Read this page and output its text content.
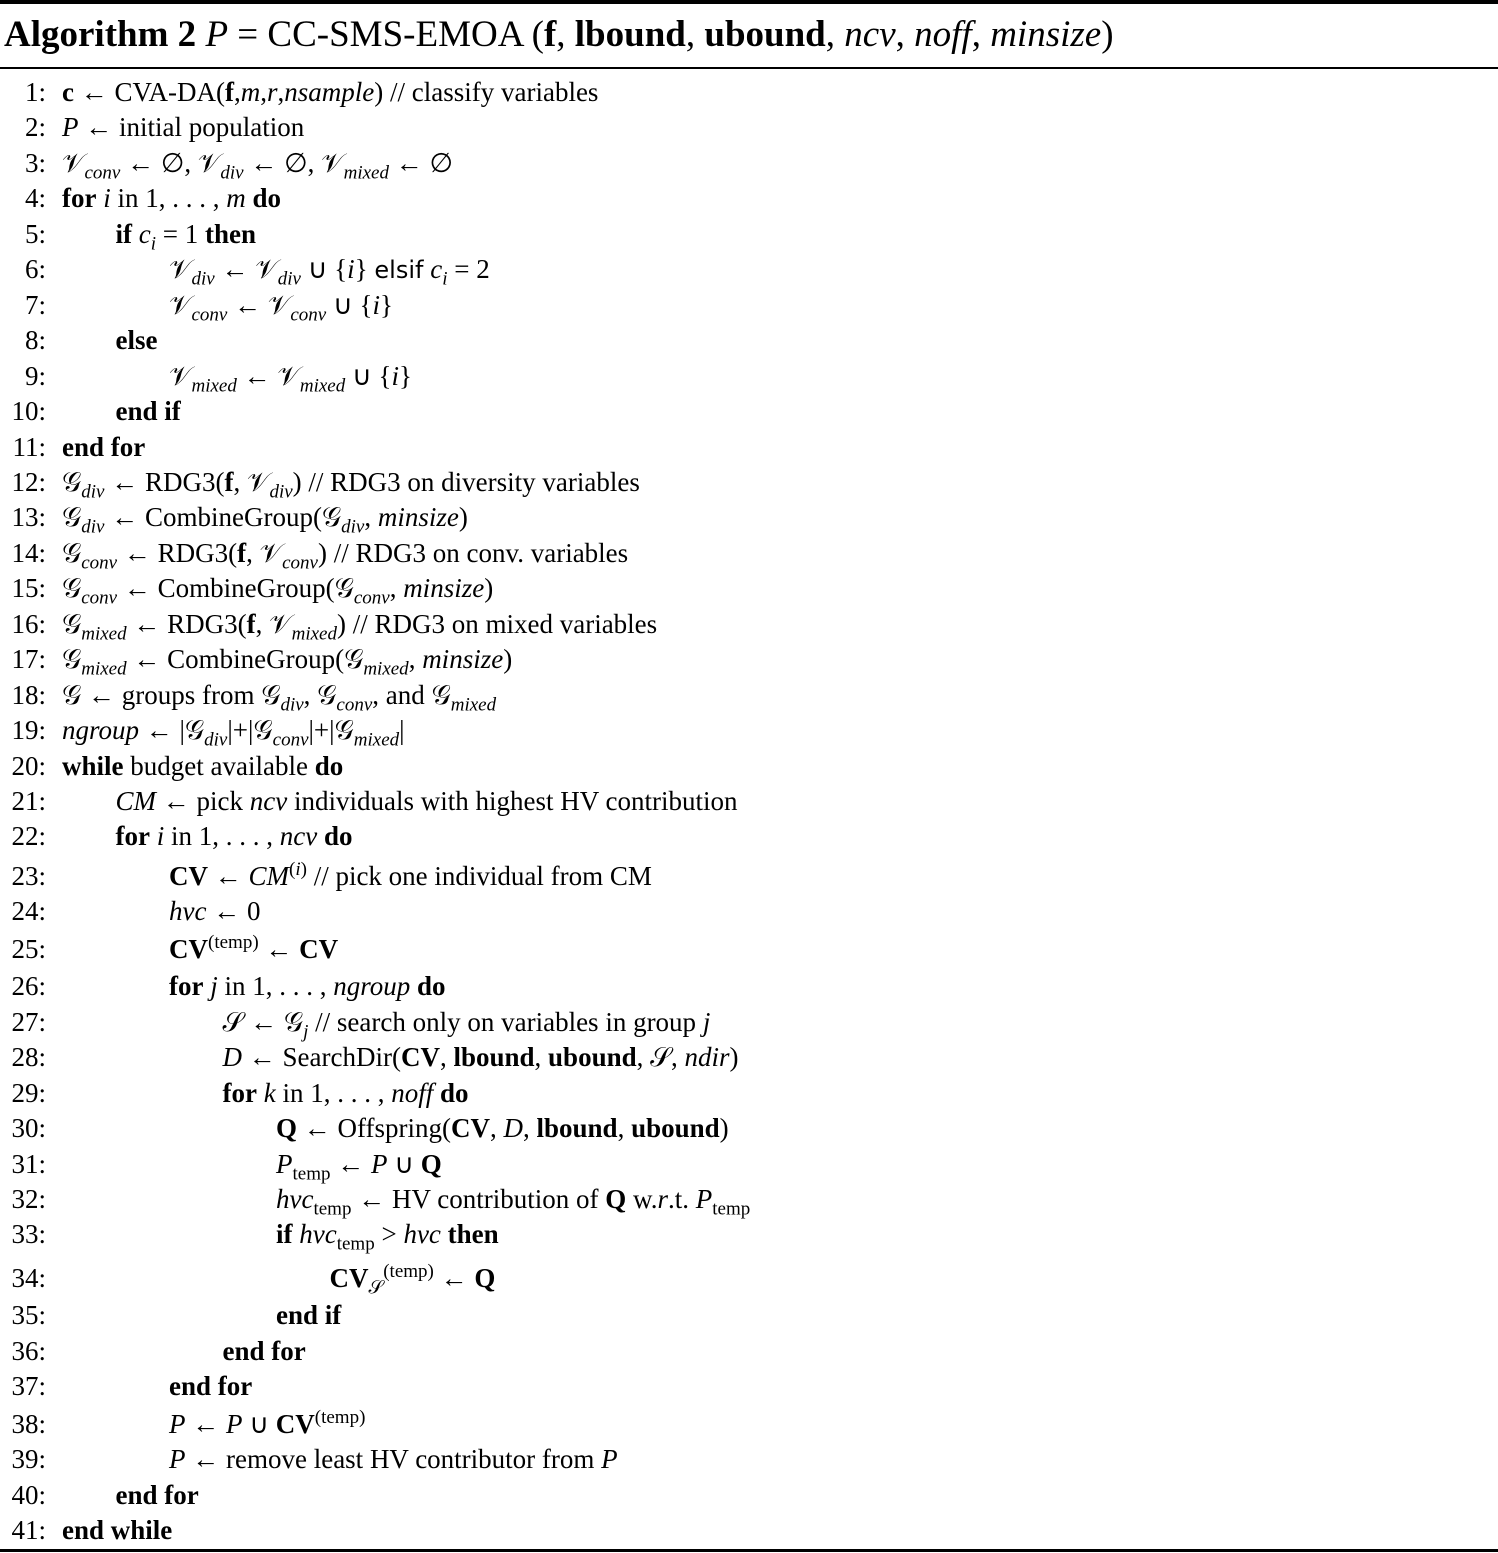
Algorithm 2 P = CC-SMS-EMOA (f, lbound, ubound, ncv, noff, minsize)
1: c ← CVA-DA(f,m,r,nsample) // classify variables
2: P ← initial population
3: 𝒱$_{conv}$ ← ∅, 𝒱$_{div}$ ← ∅, 𝒱$_{mixed}$ ← ∅
4: for i in 1, . . . , m do
5:	if $c_i = 1$ then
6:	𝒱$_{div}$ ← 𝒱$_{div}$ ∪ {i} elsif $c_i = 2$
7:	𝒱$_{conv}$ ← 𝒱$_{conv}$ ∪ {i}
8:	else
9:	𝒱$_{mixed}$ ← 𝒱$_{mixed}$ ∪ {i}
10:	end if
11: end for
12: 𝒢$_{div}$ ← RDG3(f, 𝒱$_{div}$) // RDG3 on diversity variables
13: 𝒢$_{div}$ ← CombineGroup(𝒢$_{div}$, minsize)
14: 𝒢$_{conv}$ ← RDG3(f, 𝒱$_{conv}$) // RDG3 on conv. variables
15: 𝒢$_{conv}$ ← CombineGroup(𝒢$_{conv}$, minsize)
16: 𝒢$_{mixed}$ ← RDG3(f, 𝒱$_{mixed}$) // RDG3 on mixed variables
17: 𝒢$_{mixed}$ ← CombineGroup(𝒢$_{mixed}$, minsize)
18: 𝒢 ← groups from 𝒢$_{div}$, 𝒢$_{conv}$, and 𝒢$_{mixed}$
19: ngroup ← |𝒢$_{div}$|+|𝒢$_{conv}$|+|𝒢$_{mixed}$|
20: while budget available do
21:	CM ← pick ncv individuals with highest HV contribution
22:	for i in 1, . . . , ncv do
23:	CV ← CM$^{(i)}$ // pick one individual from CM
24:	hvc ← 0
25:	$CV^{(temp)}$ ← CV
26:	for j in 1, . . . , ngroup do
27:	𝒮 ← 𝒢$_j$ // search only on variables in group j
28:	D ← SearchDir(CV, lbound, ubound, 𝒮, ndir)
29:	for k in 1, . . . , noff do
30:	Q ← Offspring(CV, D, lbound, ubound)
31:	$P_{temp}$ ← P ∪ Q
32:	hvc$_{temp}$ ← HV contribution of Q w.r.t. $P_{temp}$
33:	if hvc$_{temp}$ > hvc then
34:	$CV_𝒮^{(temp)}$ ← Q
35:	end if
36:	end for
37:	end for
38:	P ← P ∪ $CV^{(temp)}$
39:	P ← remove least HV contributor from P
40:	end for
41: end while
